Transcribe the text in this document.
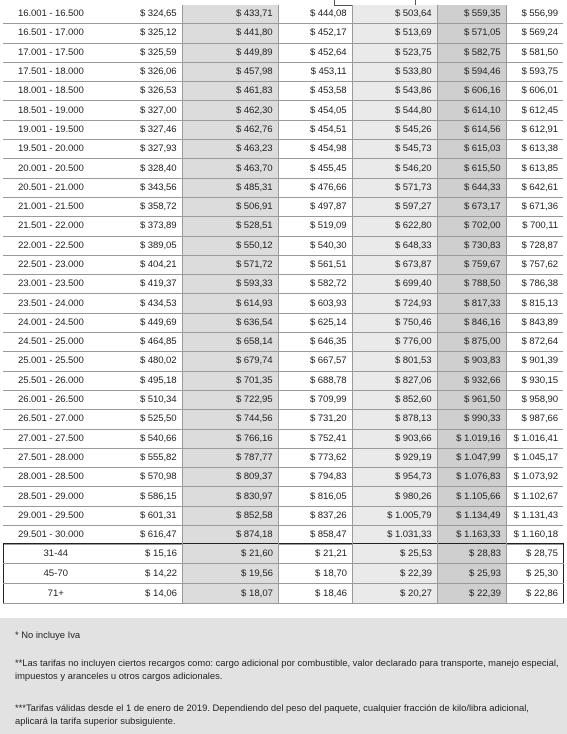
16.001 - 16.500	$ 324,65	$ 433,71	$ 444,08	$ 503,64	$ 559,35	$ 556,99
16.501 - 17.000	$ 325,12	$ 441,80	$ 452,17	$ 513,69	$ 571,05	$ 569,24
17.001 - 17.500	$ 325,59	$ 449,89	$ 452,64	$ 523,75	$ 582,75	$ 581,50
17.501 - 18.000	$ 326,06	$ 457,98	$ 453,11	$ 533,80	$ 594,46	$ 593,75
18.001 - 18.500	$ 326,53	$ 461,83	$ 453,58	$ 543,86	$ 606,16	$ 606,01
18.501 - 19.000	$ 327,00	$ 462,30	$ 454,05	$ 544,80	$ 614,10	$ 612,45
19.001 - 19.500	$ 327,46	$ 462,76	$ 454,51	$ 545,26	$ 614,56	$ 612,91
19.501 - 20.000	$ 327,93	$ 463,23	$ 454,98	$ 545,73	$ 615,03	$ 613,38
20.001 - 20.500	$ 328,40	$ 463,70	$ 455,45	$ 546,20	$ 615,50	$ 613,85
20.501 - 21.000	$ 343,56	$ 485,31	$ 476,66	$ 571,73	$ 644,33	$ 642,61
21.001 - 21.500	$ 358,72	$ 506,91	$ 497,87	$ 597,27	$ 673,17	$ 671,36
21.501 - 22.000	$ 373,89	$ 528,51	$ 519,09	$ 622,80	$ 702,00	$ 700,11
22.001 - 22.500	$ 389,05	$ 550,12	$ 540,30	$ 648,33	$ 730,83	$ 728,87
22.501 - 23.000	$ 404,21	$ 571,72	$ 561,51	$ 673,87	$ 759,67	$ 757,62
23.001 - 23.500	$ 419,37	$ 593,33	$ 582,72	$ 699,40	$ 788,50	$ 786,38
23.501 - 24.000	$ 434,53	$ 614,93	$ 603,93	$ 724,93	$ 817,33	$ 815,13
24.001 - 24.500	$ 449,69	$ 636,54	$ 625,14	$ 750,46	$ 846,16	$ 843,89
24.501 - 25.000	$ 464,85	$ 658,14	$ 646,35	$ 776,00	$ 875,00	$ 872,64
25.001 - 25.500	$ 480,02	$ 679,74	$ 667,57	$ 801,53	$ 903,83	$ 901,39
25.501 - 26.000	$ 495,18	$ 701,35	$ 688,78	$ 827,06	$ 932,66	$ 930,15
26.001 - 26.500	$ 510,34	$ 722,95	$ 709,99	$ 852,60	$ 961,50	$ 958,90
26.501 - 27.000	$ 525,50	$ 744,56	$ 731,20	$ 878,13	$ 990,33	$ 987,66
27.001 - 27.500	$ 540,66	$ 766,16	$ 752,41	$ 903,66	$ 1.019,16	$ 1.016,41
27.501 - 28.000	$ 555,82	$ 787,77	$ 773,62	$ 929,19	$ 1.047,99	$ 1.045,17
28.001 - 28.500	$ 570,98	$ 809,37	$ 794,83	$ 954,73	$ 1.076,83	$ 1.073,92
28.501 - 29.000	$ 586,15	$ 830,97	$ 816,05	$ 980,26	$ 1.105,66	$ 1.102,67
29.001 - 29.500	$ 601,31	$ 852,58	$ 837,26	$ 1.005,79	$ 1.134,49	$ 1.131,43
29.501 - 30.000	$ 616,47	$ 874,18	$ 858,47	$ 1.031,33	$ 1.163,33	$ 1.160,18
31-44	$ 15,16	$ 21,60	$ 21,21	$ 25,53	$ 28,83	$ 28,75
45-70	$ 14,22	$ 19,56	$ 18,70	$ 22,39	$ 25,93	$ 25,30
71+	$ 14,06	$ 18,07	$ 18,46	$ 20,27	$ 22,39	$ 22,86

* No incluye Iva

**Las tarifas no incluyen ciertos recargos como: cargo adicional por combustible, valor declarado para transporte, manejo especial, impuestos y aranceles u otros cargos adicionales.

***Tarifas válidas desde el 1 de enero de 2019. Dependiendo del peso del paquete, cualquier fracción de kilo/libra adicional, aplicará la tarifa superior subsiguiente.
